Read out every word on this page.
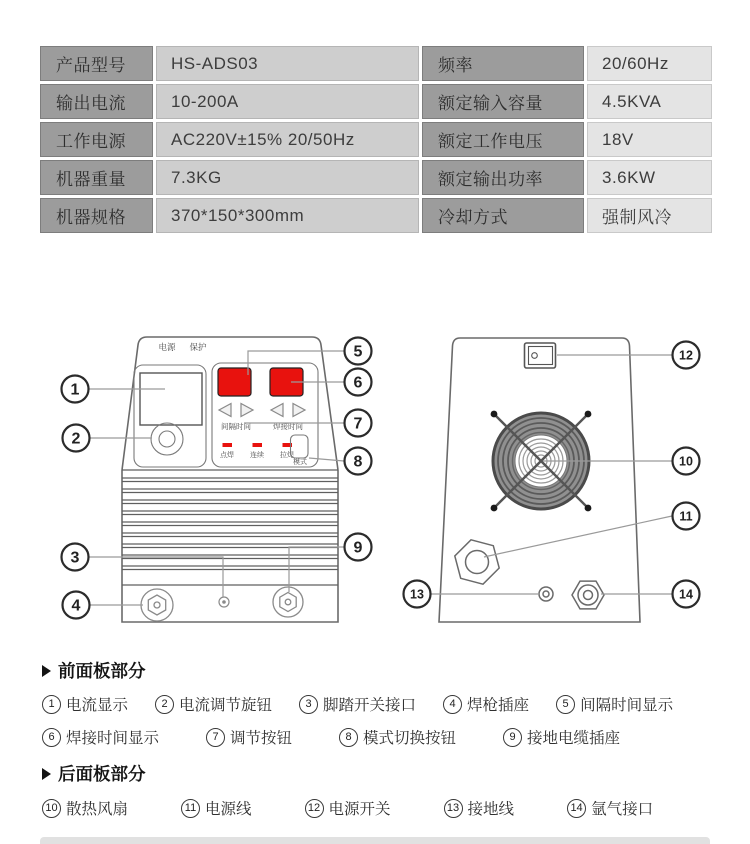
产品型号	HS-ADS03	频率	20/60Hz
输出电流	10-200A	额定输入容量	4.5KVA
工作电源	AC220V±15% 20/50Hz	额定工作电压	18V
机器重量	7.3KG	额定输出功率	3.6KW
机器规格	370*150*300mm	冷却方式	强制风冷
电源 保护
间隔时间	焊接时间
点焊 连续 拉焊
模式
1
2
3
4
5
6
7
8
9
10
11
12
13	14
前面板部分
1 电流显示	2 电流调节旋钮	3 脚踏开关接口	4 焊枪插座	5 间隔时间显示
6 焊接时间显示	7 调节按钮	8 模式切换按钮	9 接地电缆插座
后面板部分
10 散热风扇	11 电源线	12 电源开关	13 接地线	14 氩气接口
